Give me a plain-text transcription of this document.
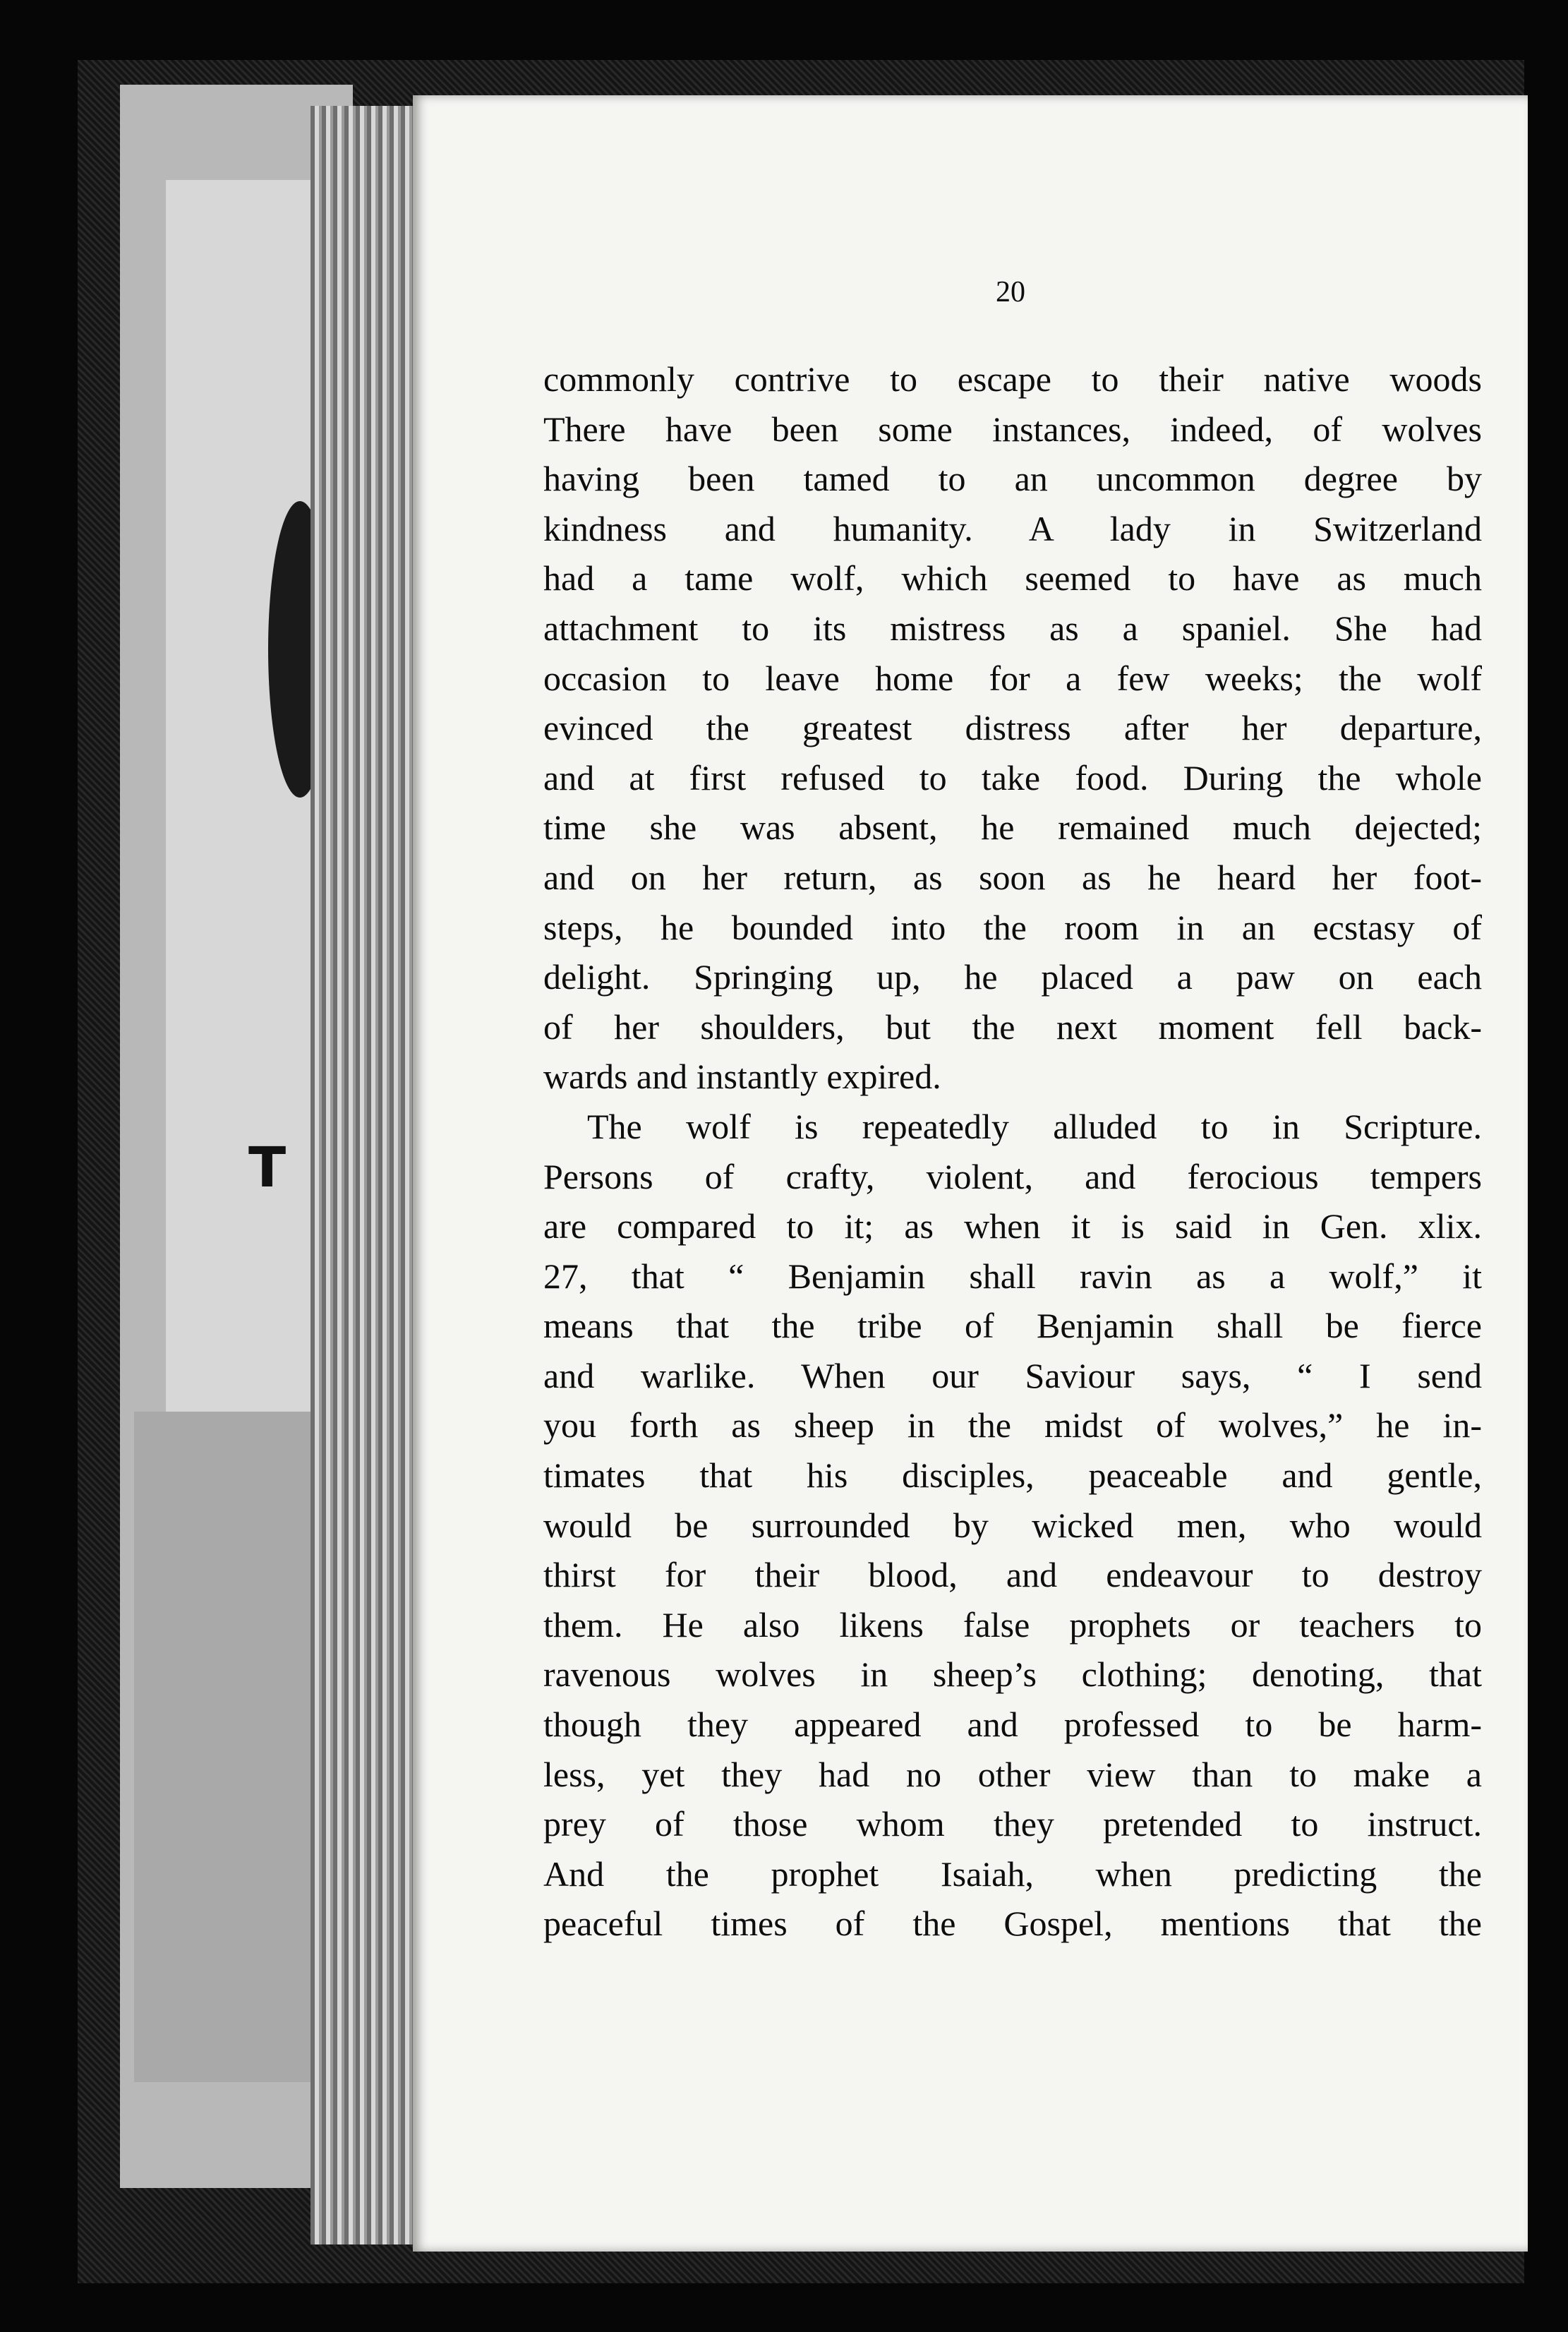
T
20
commonly contrive to escape to their native woods
There have been some instances, indeed, of wolves
having been tamed to an uncommon degree by
kindness and humanity. A lady in Switzerland
had a tame wolf, which seemed to have as much
attachment to its mistress as a spaniel. She had
occasion to leave home for a few weeks; the wolf
evinced the greatest distress after her departure,
and at first refused to take food. During the whole
time she was absent, he remained much dejected;
and on her return, as soon as he heard her foot-
steps, he bounded into the room in an ecstasy of
delight. Springing up, he placed a paw on each
of her shoulders, but the next moment fell back-
wards and instantly expired.
The wolf is repeatedly alluded to in Scripture.
Persons of crafty, violent, and ferocious tempers
are compared to it; as when it is said in Gen. xlix.
27, that “ Benjamin shall ravin as a wolf,” it
means that the tribe of Benjamin shall be fierce
and warlike. When our Saviour says, “ I send
you forth as sheep in the midst of wolves,” he in-
timates that his disciples, peaceable and gentle,
would be surrounded by wicked men, who would
thirst for their blood, and endeavour to destroy
them. He also likens false prophets or teachers to
ravenous wolves in sheep’s clothing; denoting, that
though they appeared and professed to be harm-
less, yet they had no other view than to make a
prey of those whom they pretended to instruct.
And the prophet Isaiah, when predicting the
peaceful times of the Gospel, mentions that the
